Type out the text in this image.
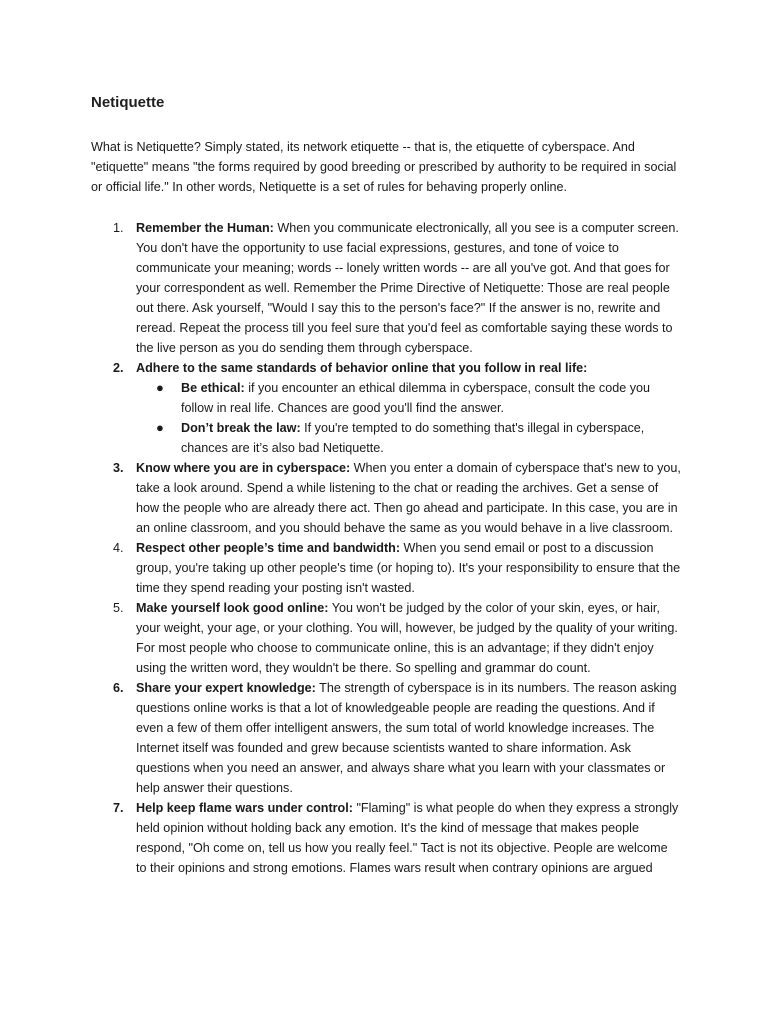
Netiquette

What is Netiquette? Simply stated, its network etiquette -- that is, the etiquette of cyberspace. And "etiquette" means "the forms required by good breeding or prescribed by authority to be required in social or official life." In other words, Netiquette is a set of rules for behaving properly online.

1. Remember the Human: When you communicate electronically, all you see is a computer screen. You don't have the opportunity to use facial expressions, gestures, and tone of voice to communicate your meaning; words -- lonely written words -- are all you've got. And that goes for your correspondent as well. Remember the Prime Directive of Netiquette: Those are real people out there. Ask yourself, "Would I say this to the person's face?" If the answer is no, rewrite and reread. Repeat the process till you feel sure that you'd feel as comfortable saying these words to the live person as you do sending them through cyberspace.
2. Adhere to the same standards of behavior online that you follow in real life:
● Be ethical: if you encounter an ethical dilemma in cyberspace, consult the code you follow in real life. Chances are good you'll find the answer.
● Don’t break the law: If you're tempted to do something that's illegal in cyberspace, chances are it’s also bad Netiquette.
3. Know where you are in cyberspace: When you enter a domain of cyberspace that's new to you, take a look around. Spend a while listening to the chat or reading the archives. Get a sense of how the people who are already there act. Then go ahead and participate. In this case, you are in an online classroom, and you should behave the same as you would behave in a live classroom.
4. Respect other people’s time and bandwidth: When you send email or post to a discussion group, you're taking up other people's time (or hoping to). It's your responsibility to ensure that the time they spend reading your posting isn't wasted.
5. Make yourself look good online: You won't be judged by the color of your skin, eyes, or hair, your weight, your age, or your clothing. You will, however, be judged by the quality of your writing. For most people who choose to communicate online, this is an advantage; if they didn't enjoy using the written word, they wouldn't be there. So spelling and grammar do count.
6. Share your expert knowledge: The strength of cyberspace is in its numbers. The reason asking questions online works is that a lot of knowledgeable people are reading the questions. And if even a few of them offer intelligent answers, the sum total of world knowledge increases. The Internet itself was founded and grew because scientists wanted to share information. Ask questions when you need an answer, and always share what you learn with your classmates or help answer their questions.
7. Help keep flame wars under control: "Flaming" is what people do when they express a strongly held opinion without holding back any emotion. It's the kind of message that makes people respond, "Oh come on, tell us how you really feel." Tact is not its objective. People are welcome to their opinions and strong emotions. Flames wars result when contrary opinions are argued
